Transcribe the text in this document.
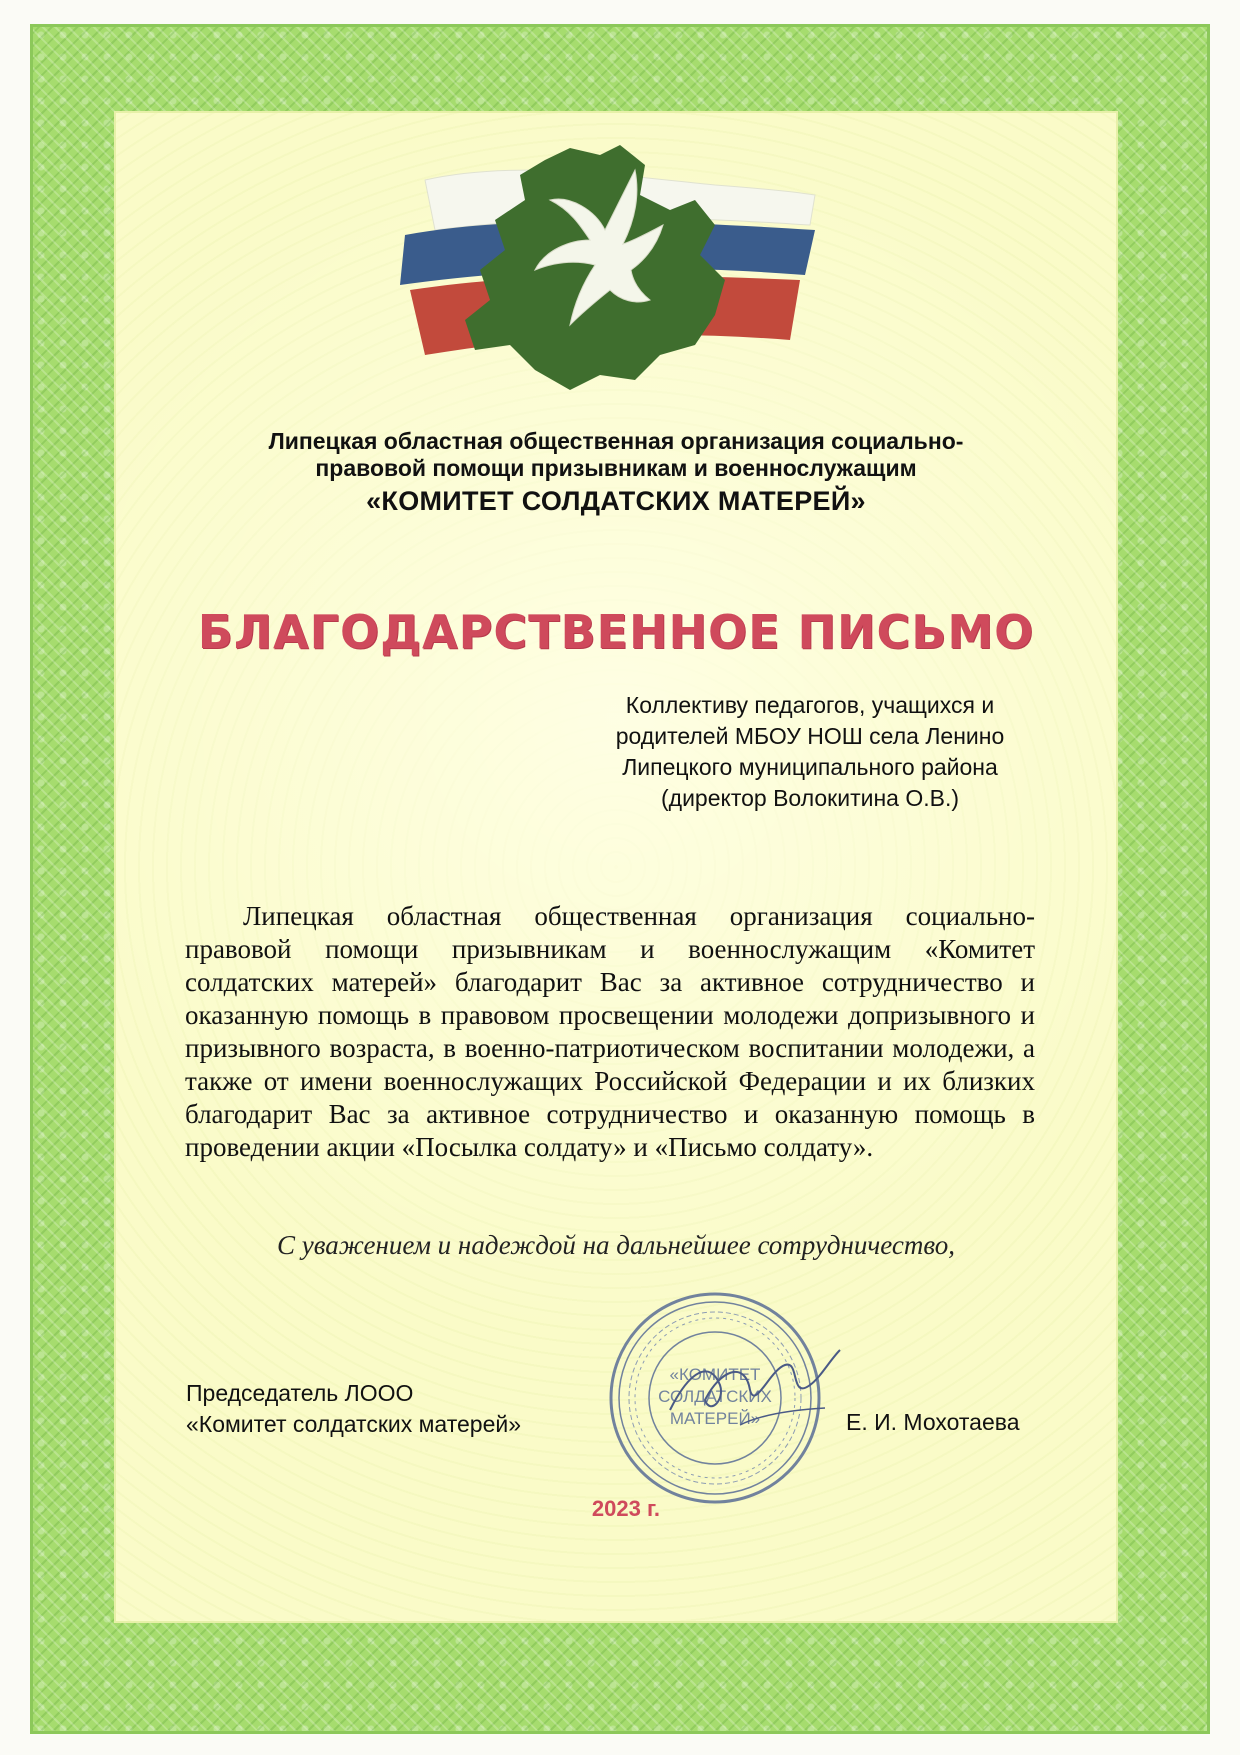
Липецкая областная общественная организация социально-
правовой помощи призывникам и военнослужащим
«КОМИТЕТ СОЛДАТСКИХ МАТЕРЕЙ»
БЛАГОДАРСТВЕННОЕ ПИСЬМО
Коллективу педагогов, учащихся и
родителей МБОУ НОШ села Ленино
Липецкого муниципального района
(директор Волокитина О.В.)
Липецкая областная общественная организация социально-правовой помощи призывникам и военнослужащим «Комитет солдатских матерей» благодарит Вас за активное сотрудничество и оказанную помощь в правовом просвещении молодежи допризывного и призывного возраста, в военно-патриотическом воспитании молодежи, а также от имени военнослужащих Российской Федерации и их близких благодарит Вас за активное сотрудничество и оказанную помощь в проведении акции «Посылка солдату» и «Письмо солдату».
С уважением и надеждой на дальнейшее сотрудничество,
Председатель ЛООО
«Комитет солдатских матерей»
«КОМИТЕТ
СОЛДАТСКИХ
МАТЕРЕЙ»	Е. И. Мохотаева
2023 г.
